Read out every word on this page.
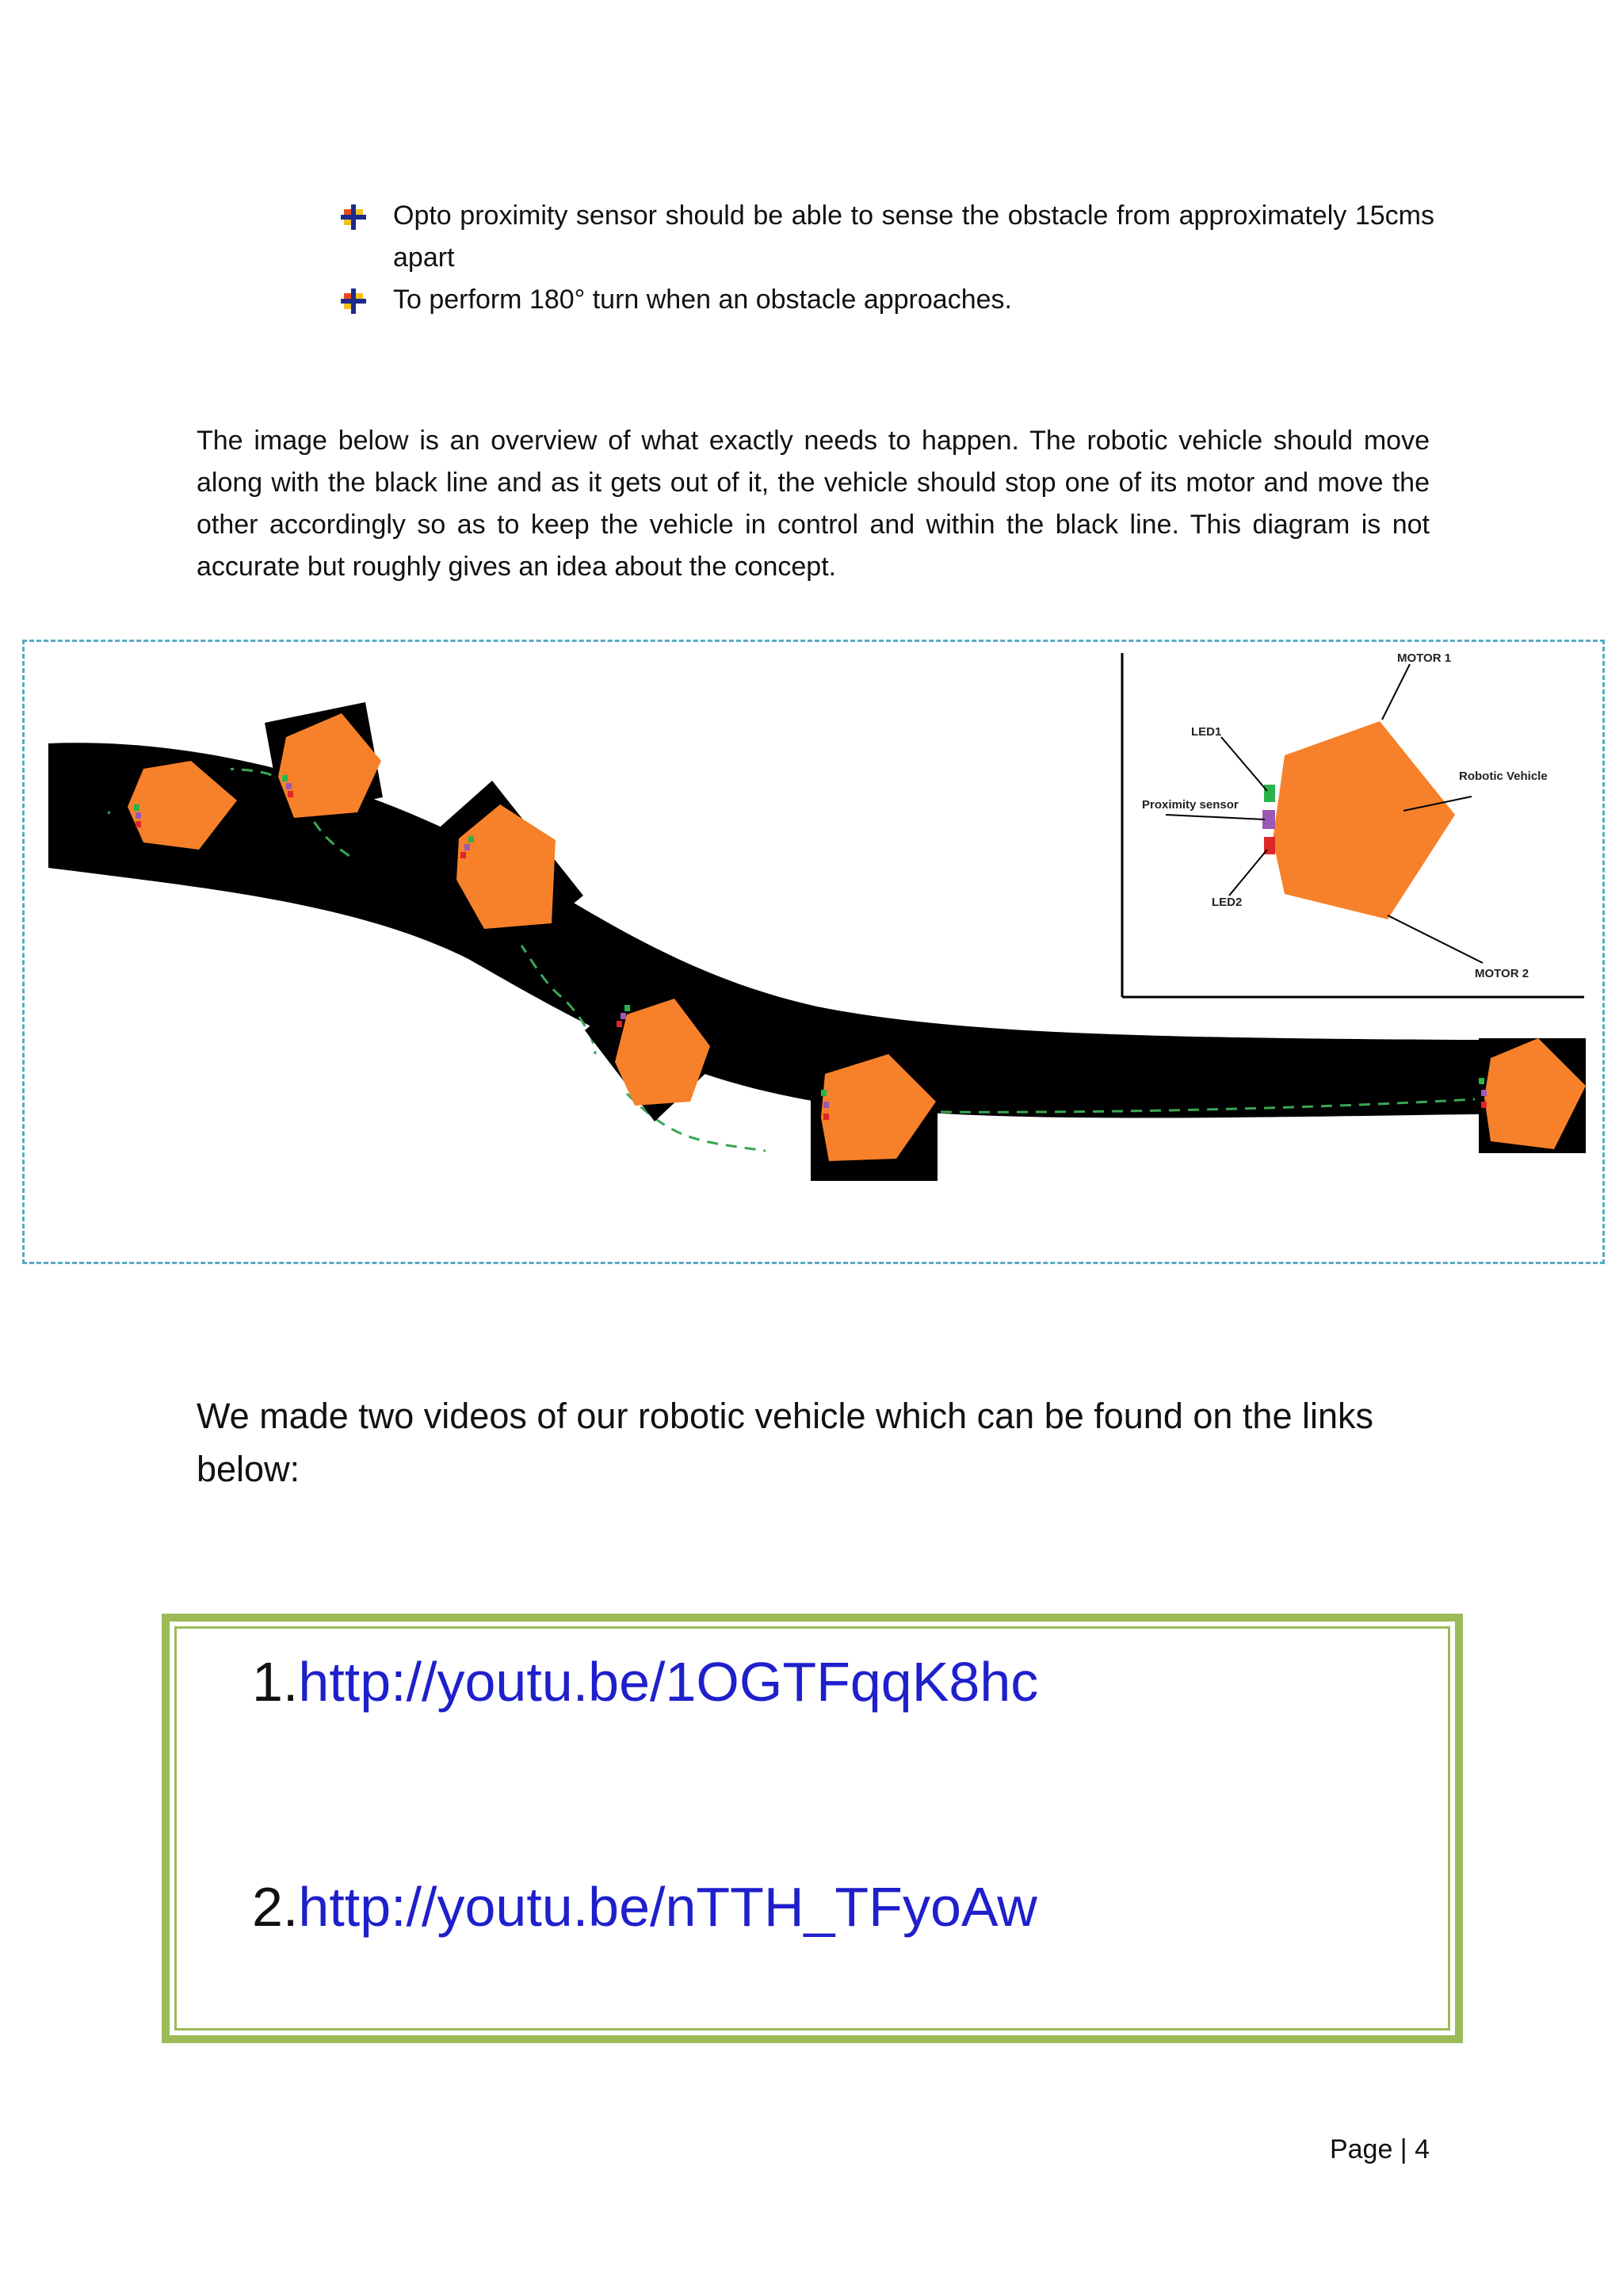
Opto proximity sensor should be able to sense the obstacle from approximately 15cms apart
To perform 180° turn when an obstacle approaches.
The image below is an overview of what exactly needs to happen. The robotic vehicle should move along with the black line and as it gets out of it, the vehicle should stop one of its motor and move the other accordingly so as to keep the vehicle in control and within the black line. This diagram is not accurate but roughly gives an idea about the concept.
MOTOR 1
Robotic Vehicle
LED1
Proximity sensor
LED2
MOTOR 2
We made two videos of our robotic vehicle which can be found on the links below:
1.http://youtu.be/1OGTFqqK8hc
2.http://youtu.be/nTTH_TFyoAw
Page | 4
